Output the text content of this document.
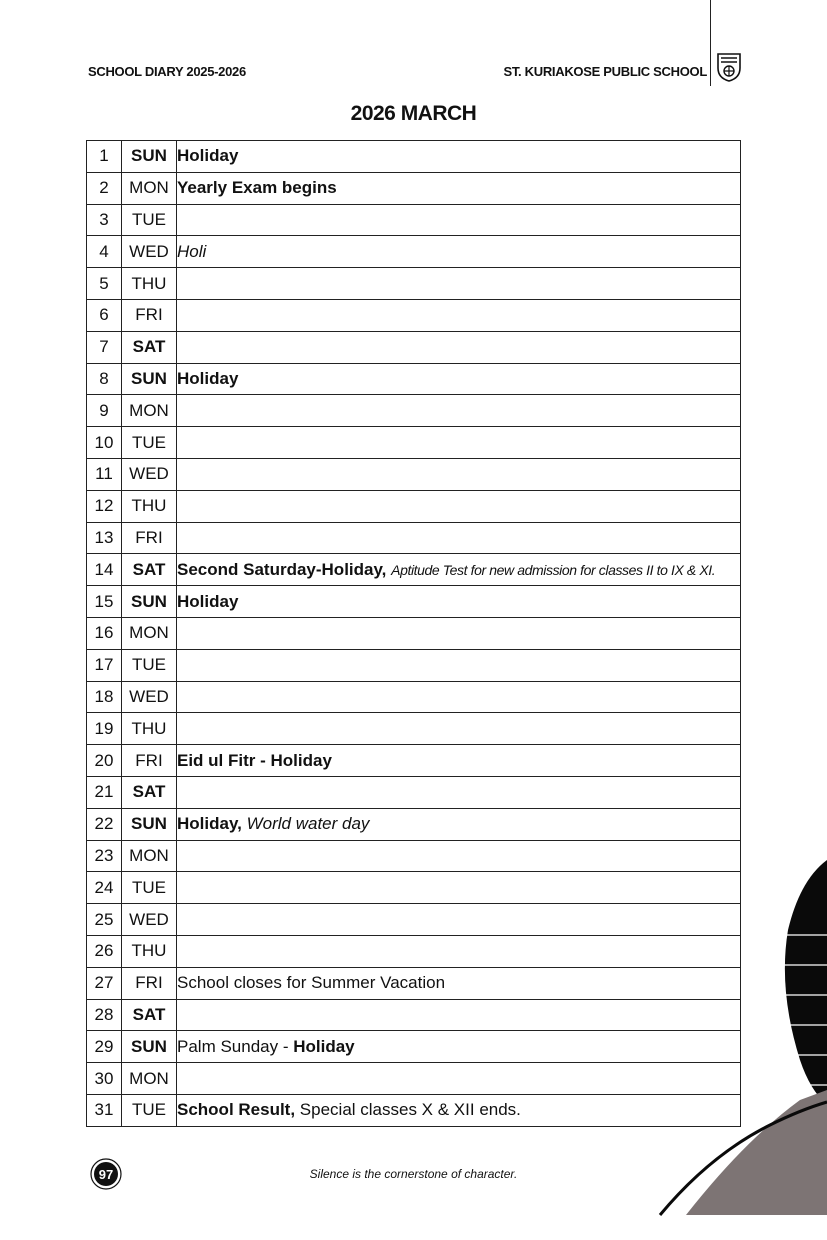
SCHOOL DIARY 2025-2026	ST. KURIAKOSE PUBLIC SCHOOL
2026 MARCH
1	SUN	Holiday
2	MON	Yearly Exam begins
3	TUE	
4	WED	Holi
5	THU	
6	FRI	
7	SAT	
8	SUN	Holiday
9	MON	
10	TUE	
11	WED	
12	THU	
13	FRI	
14	SAT	Second Saturday-Holiday, Aptitude Test for new admission for classes II to IX & XI.
15	SUN	Holiday
16	MON	
17	TUE	
18	WED	
19	THU	
20	FRI	Eid ul Fitr - Holiday
21	SAT	
22	SUN	Holiday, World water day
23	MON	
24	TUE	
25	WED	
26	THU	
27	FRI	School closes for Summer Vacation
28	SAT	
29	SUN	Palm Sunday - Holiday
30	MON	
31	TUE	School Result, Special classes X & XII ends.
97	Silence is the cornerstone of character.
